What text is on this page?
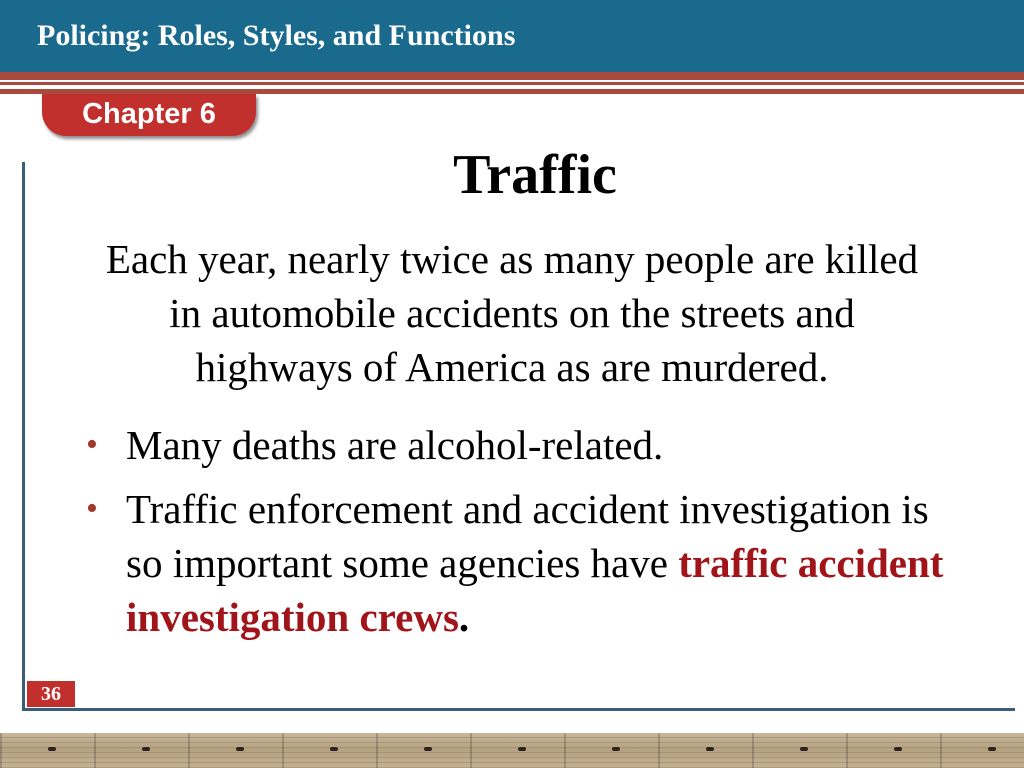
Policing: Roles, Styles, and Functions
Chapter 6
Traffic

Each year, nearly twice as many people are killed in automobile accidents on the streets and highways of America as are murdered.

• Many deaths are alcohol-related.
• Traffic enforcement and accident investigation is so important some agencies have traffic accident investigation crews.
36
